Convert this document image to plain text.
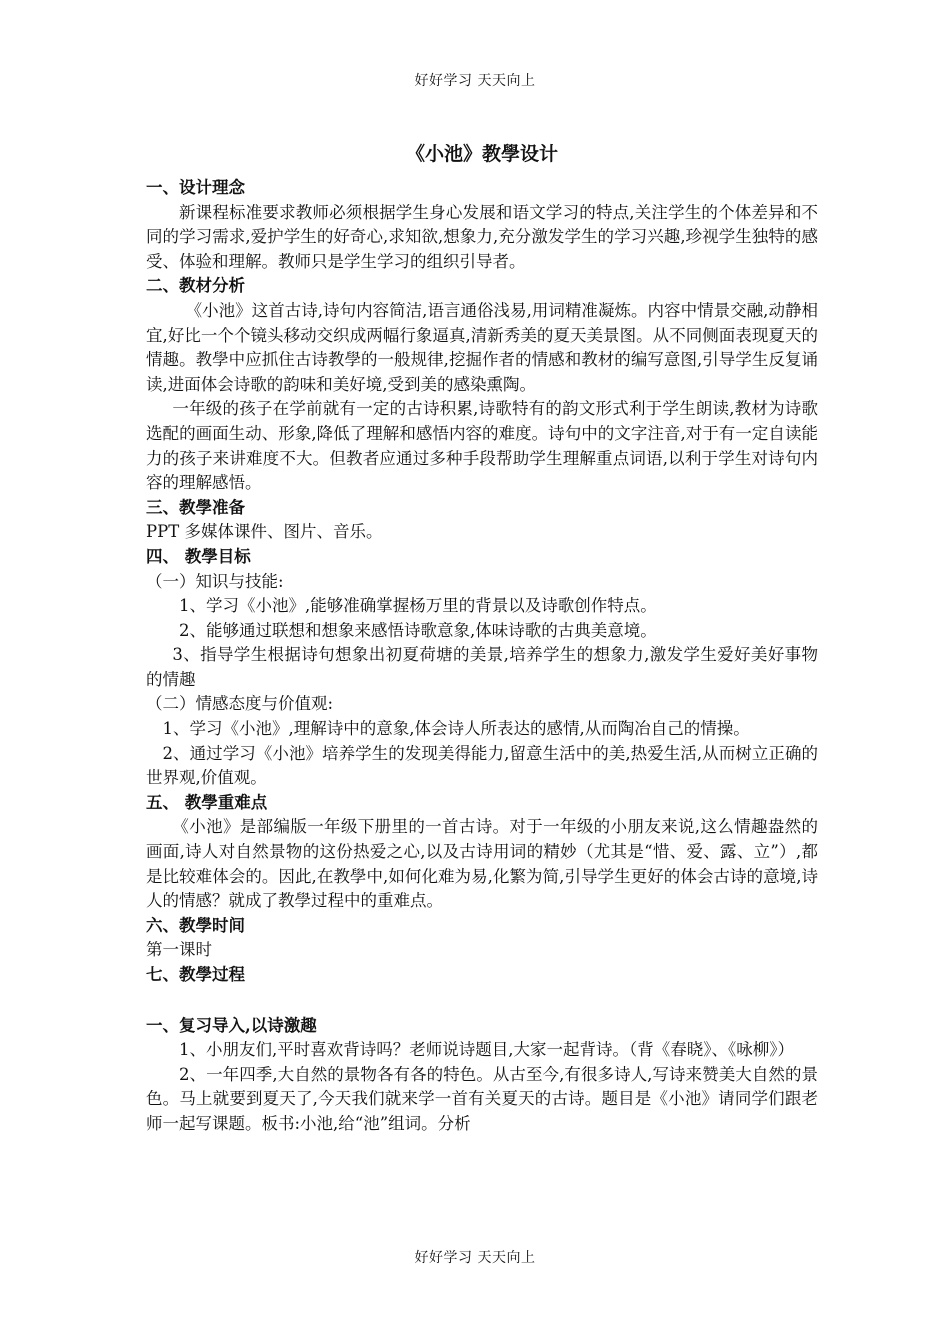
好好学习 天天向上
《小池》教學设计
一、设计理念
新课程标准要求教师必须根据学生身心发展和语文学习的特点,关注学生的个体差异和不同的学习需求,爱护学生的好奇心,求知欲,想象力,充分激发学生的学习兴趣,珍视学生独特的感受、体验和理解。教师只是学生学习的组织引导者。
二、教材分析
《小池》这首古诗,诗句内容简洁,语言通俗浅易,用词精准凝炼。内容中情景交融,动静相宜,好比一个个镜头移动交织成两幅行象逼真,清新秀美的夏天美景图。从不同侧面表现夏天的情趣。教學中应抓住古诗教學的一般规律,挖掘作者的情感和教材的编写意图,引导学生反复诵读,进面体会诗歌的韵味和美好境,受到美的感染熏陶。
一年级的孩子在学前就有一定的古诗积累,诗歌特有的韵文形式利于学生朗读,教材为诗歌选配的画面生动、形象,降低了理解和感悟内容的难度。诗句中的文字注音,对于有一定自读能力的孩子来讲难度不大。但教者应通过多种手段帮助学生理解重点词语,以利于学生对诗句内容的理解感悟。
三、教學准备
PPT 多媒体课件、图片、音乐。
四、 教學目标
（一）知识与技能:
1、学习《小池》,能够准确掌握杨万里的背景以及诗歌创作特点。
2、能够通过联想和想象来感悟诗歌意象,体味诗歌的古典美意境。
3、指导学生根据诗句想象出初夏荷塘的美景,培养学生的想象力,激发学生爱好美好事物的情趣
（二）情感态度与价值观:
1、学习《小池》,理解诗中的意象,体会诗人所表达的感情,从而陶冶自己的情操。
2、通过学习《小池》培养学生的发现美得能力,留意生活中的美,热爱生活,从而树立正确的世界观,价值观。
五、 教學重难点
《小池》是部编版一年级下册里的一首古诗。对于一年级的小朋友来说,这么情趣盎然的画面,诗人对自然景物的这份热爱之心,以及古诗用词的精妙（尤其是“惜、爱、露、立”）,都是比较难体会的。因此,在教學中,如何化难为易,化繁为简,引导学生更好的体会古诗的意境,诗人的情感？就成了教學过程中的重难点。
六、教學时间
第一课时
七、教學过程
一、复习导入,以诗激趣
1、小朋友们,平时喜欢背诗吗？老师说诗题目,大家一起背诗。（背《春晓》、《咏柳》）
2、一年四季,大自然的景物各有各的特色。从古至今,有很多诗人,写诗来赞美大自然的景色。马上就要到夏天了,今天我们就来学一首有关夏天的古诗。题目是《小池》请同学们跟老师一起写课题。板书:小池,给“池”组词。分析
好好学习 天天向上
